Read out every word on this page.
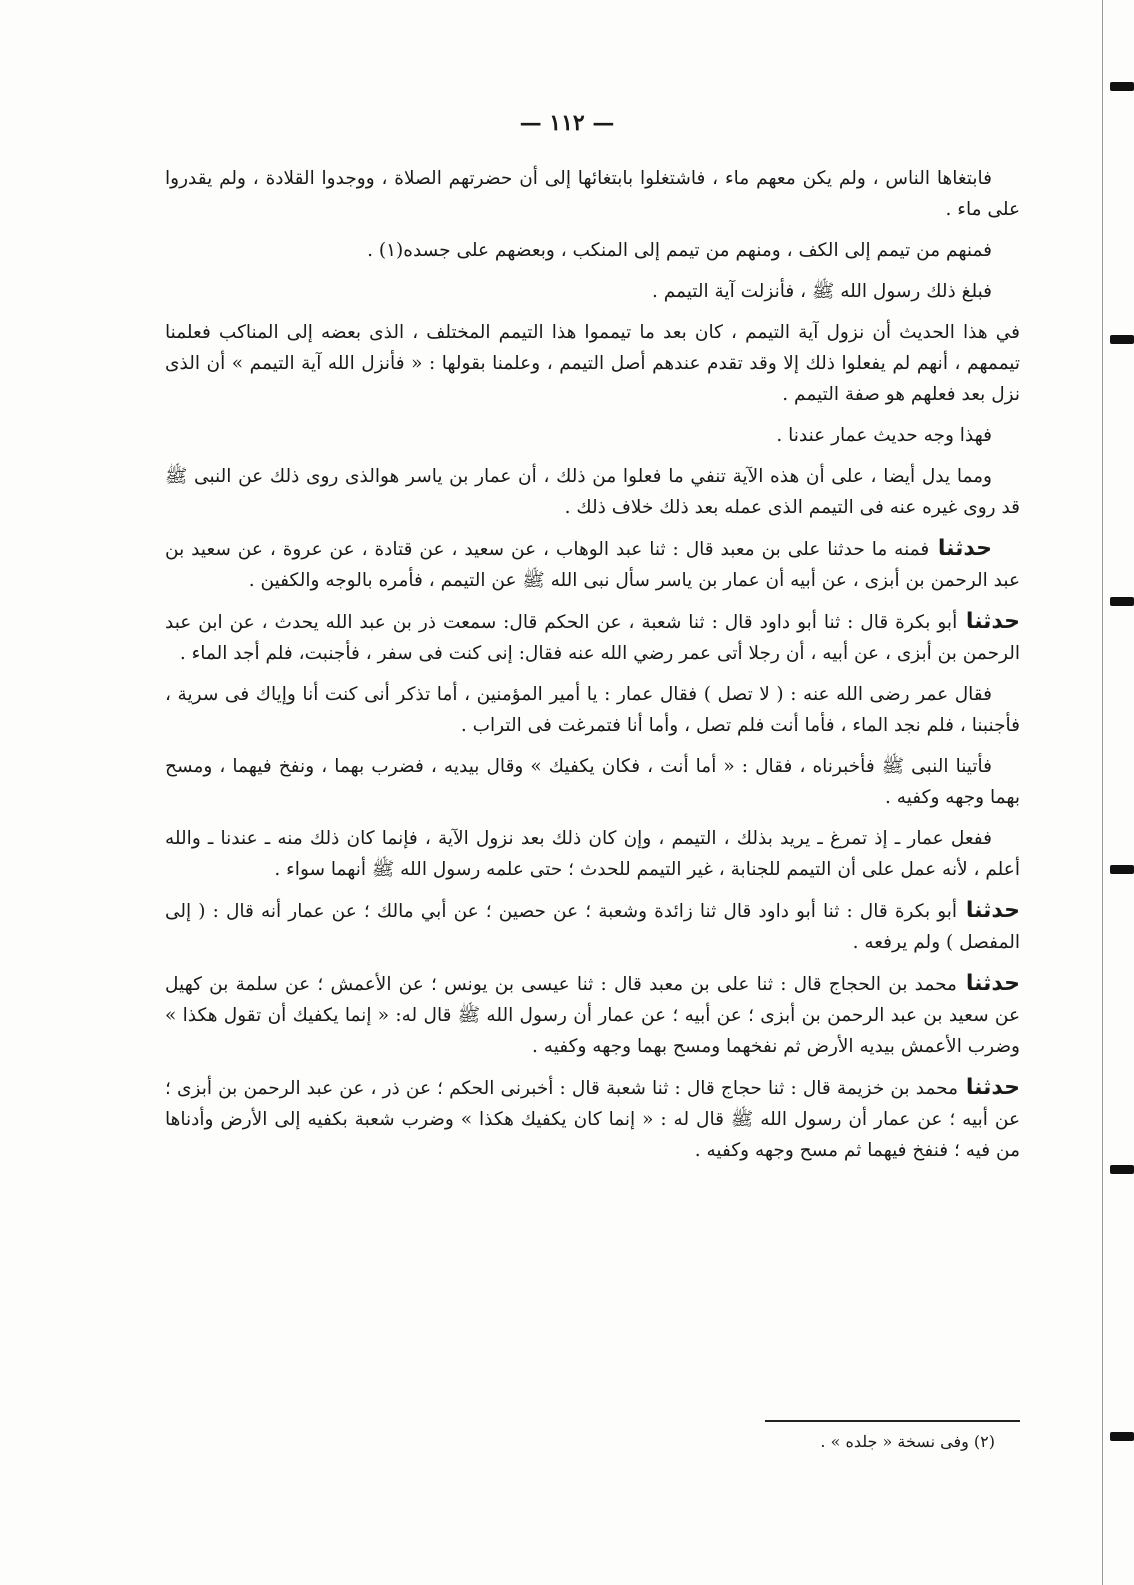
— ١١٢ —

فابتغاها الناس ، ولم يكن معهم ماء ، فاشتغلوا بابتغائها إلى أن حضرتهم الصلاة ، ووجدوا القلادة ، ولم يقدروا على ماء .

فمنهم من تيمم إلى الكف ، ومنهم من تيمم إلى المنكب ، وبعضهم على جسده(١) .

فبلغ ذلك رسول الله ﷺ ، فأنزلت آية التيمم .

في هذا الحديث أن نزول آية التيمم ، كان بعد ما تيمموا هذا التيمم المختلف ، الذى بعضه إلى المناكب فعلمنا تيممهم ، أنهم لم يفعلوا ذلك إلا وقد تقدم عندهم أصل التيمم ، وعلمنا بقولها : « فأنزل الله آية التيمم » أن الذى نزل بعد فعلهم هو صفة التيمم .

فهذا وجه حديث عمار عندنا .

ومما يدل أيضا ، على أن هذه الآية تنفي ما فعلوا من ذلك ، أن عمار بن ياسر هوالذى روى ذلك عن النبى ﷺ قد روى غيره عنه فى التيمم الذى عمله بعد ذلك خلاف ذلك .

حدثنا فمنه ما حدثنا على بن معبد قال : ثنا عبد الوهاب ، عن سعيد ، عن قتادة ، عن عروة ، عن سعيد بن عبد الرحمن بن أبزى ، عن أبيه أن عمار بن ياسر سأل نبى الله ﷺ عن التيمم ، فأمره بالوجه والكفين .

حدثنا أبو بكرة قال : ثنا أبو داود قال : ثنا شعبة ، عن الحكم قال: سمعت ذر بن عبد الله يحدث ، عن ابن عبد الرحمن بن أبزى ، عن أبيه ، أن رجلا أتى عمر رضي الله عنه فقال: إنى كنت فى سفر ، فأجنبت، فلم أجد الماء .

فقال عمر رضى الله عنه : ( لا تصل ) فقال عمار : يا أمير المؤمنين ، أما تذكر أنى كنت أنا وإياك فى سرية ، فأجنبنا ، فلم نجد الماء ، فأما أنت فلم تصل ، وأما أنا فتمرغت فى التراب .

فأتينا النبى ﷺ فأخبرناه ، فقال : « أما أنت ، فكان يكفيك » وقال بيديه ، فضرب بهما ، ونفخ فيهما ، ومسح بهما وجهه وكفيه .

ففعل عمار ـ إذ تمرغ ـ يريد بذلك ، التيمم ، وإن كان ذلك بعد نزول الآية ، فإنما كان ذلك منه ـ عندنا ـ والله أعلم ، لأنه عمل على أن التيمم للجنابة ، غير التيمم للحدث ؛ حتى علمه رسول الله ﷺ أنهما سواء .

حدثنا أبو بكرة قال : ثنا أبو داود قال ثنا زائدة وشعبة ؛ عن حصين ؛ عن أبي مالك ؛ عن عمار أنه قال : ( إلى المفصل ) ولم يرفعه .

حدثنا محمد بن الحجاج قال : ثنا على بن معبد قال : ثنا عيسى بن يونس ؛ عن الأعمش ؛ عن سلمة بن كهيل عن سعيد بن عبد الرحمن بن أبزى ؛ عن أبيه ؛ عن عمار أن رسول الله ﷺ قال له: « إنما يكفيك أن تقول هكذا » وضرب الأعمش بيديه الأرض ثم نفخهما ومسح بهما وجهه وكفيه .

حدثنا محمد بن خزيمة قال : ثنا حجاج قال : ثنا شعبة قال : أخبرنى الحكم ؛ عن ذر ، عن عبد الرحمن بن أبزى ؛ عن أبيه ؛ عن عمار أن رسول الله ﷺ قال له : « إنما كان يكفيك هكذا » وضرب شعبة بكفيه إلى الأرض وأدناها من فيه ؛ فنفخ فيهما ثم مسح وجهه وكفيه .

(٢) وفى نسخة « جلده » .
